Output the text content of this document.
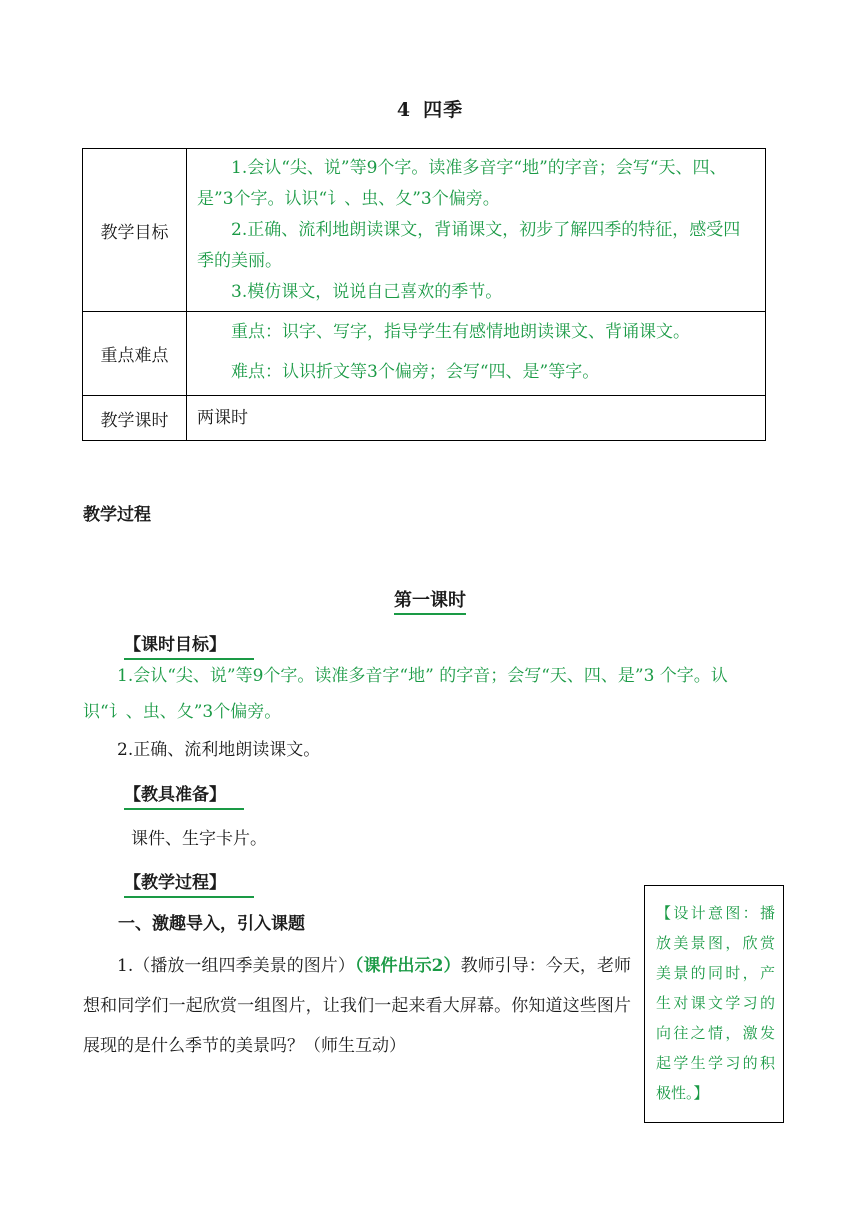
4 四季
教学目标

1.会认“尖、说”等9个字。读准多音字“地”的字音；会写“天、四、是”3个字。认识“讠、虫、夂”3个偏旁。

2.正确、流利地朗读课文，背诵课文，初步了解四季的特征，感受四季的美丽。

3.模仿课文，说说自己喜欢的季节。

重点难点

重点：识字、写字，指导学生有感情地朗读课文、背诵课文。

难点：认识折文等3个偏旁；会写“四、是”等字。

教学课时	两课时

教学过程
第一课时
【课时目标】

1.会认“尖、说”等9个字。读准多音字“地” 的字音；会写“天、四、是”3 个字。认识“讠、虫、夂”3个偏旁。

2.正确、流利地朗读课文。

【教具准备】
课件、生字卡片。
【教学过程】
一、激趣导入，引入课题

1.（播放一组四季美景的图片）（课件出示2）教师引导：今天，老师想和同学们一起欣赏一组图片，让我们一起来看大屏幕。你知道这些图片展现的是什么季节的美景吗？（师生互动）

【设计意图：播放美景图，欣赏美景的同时，产生对课文学习的向往之情，激发起学生学习的积极性。】
